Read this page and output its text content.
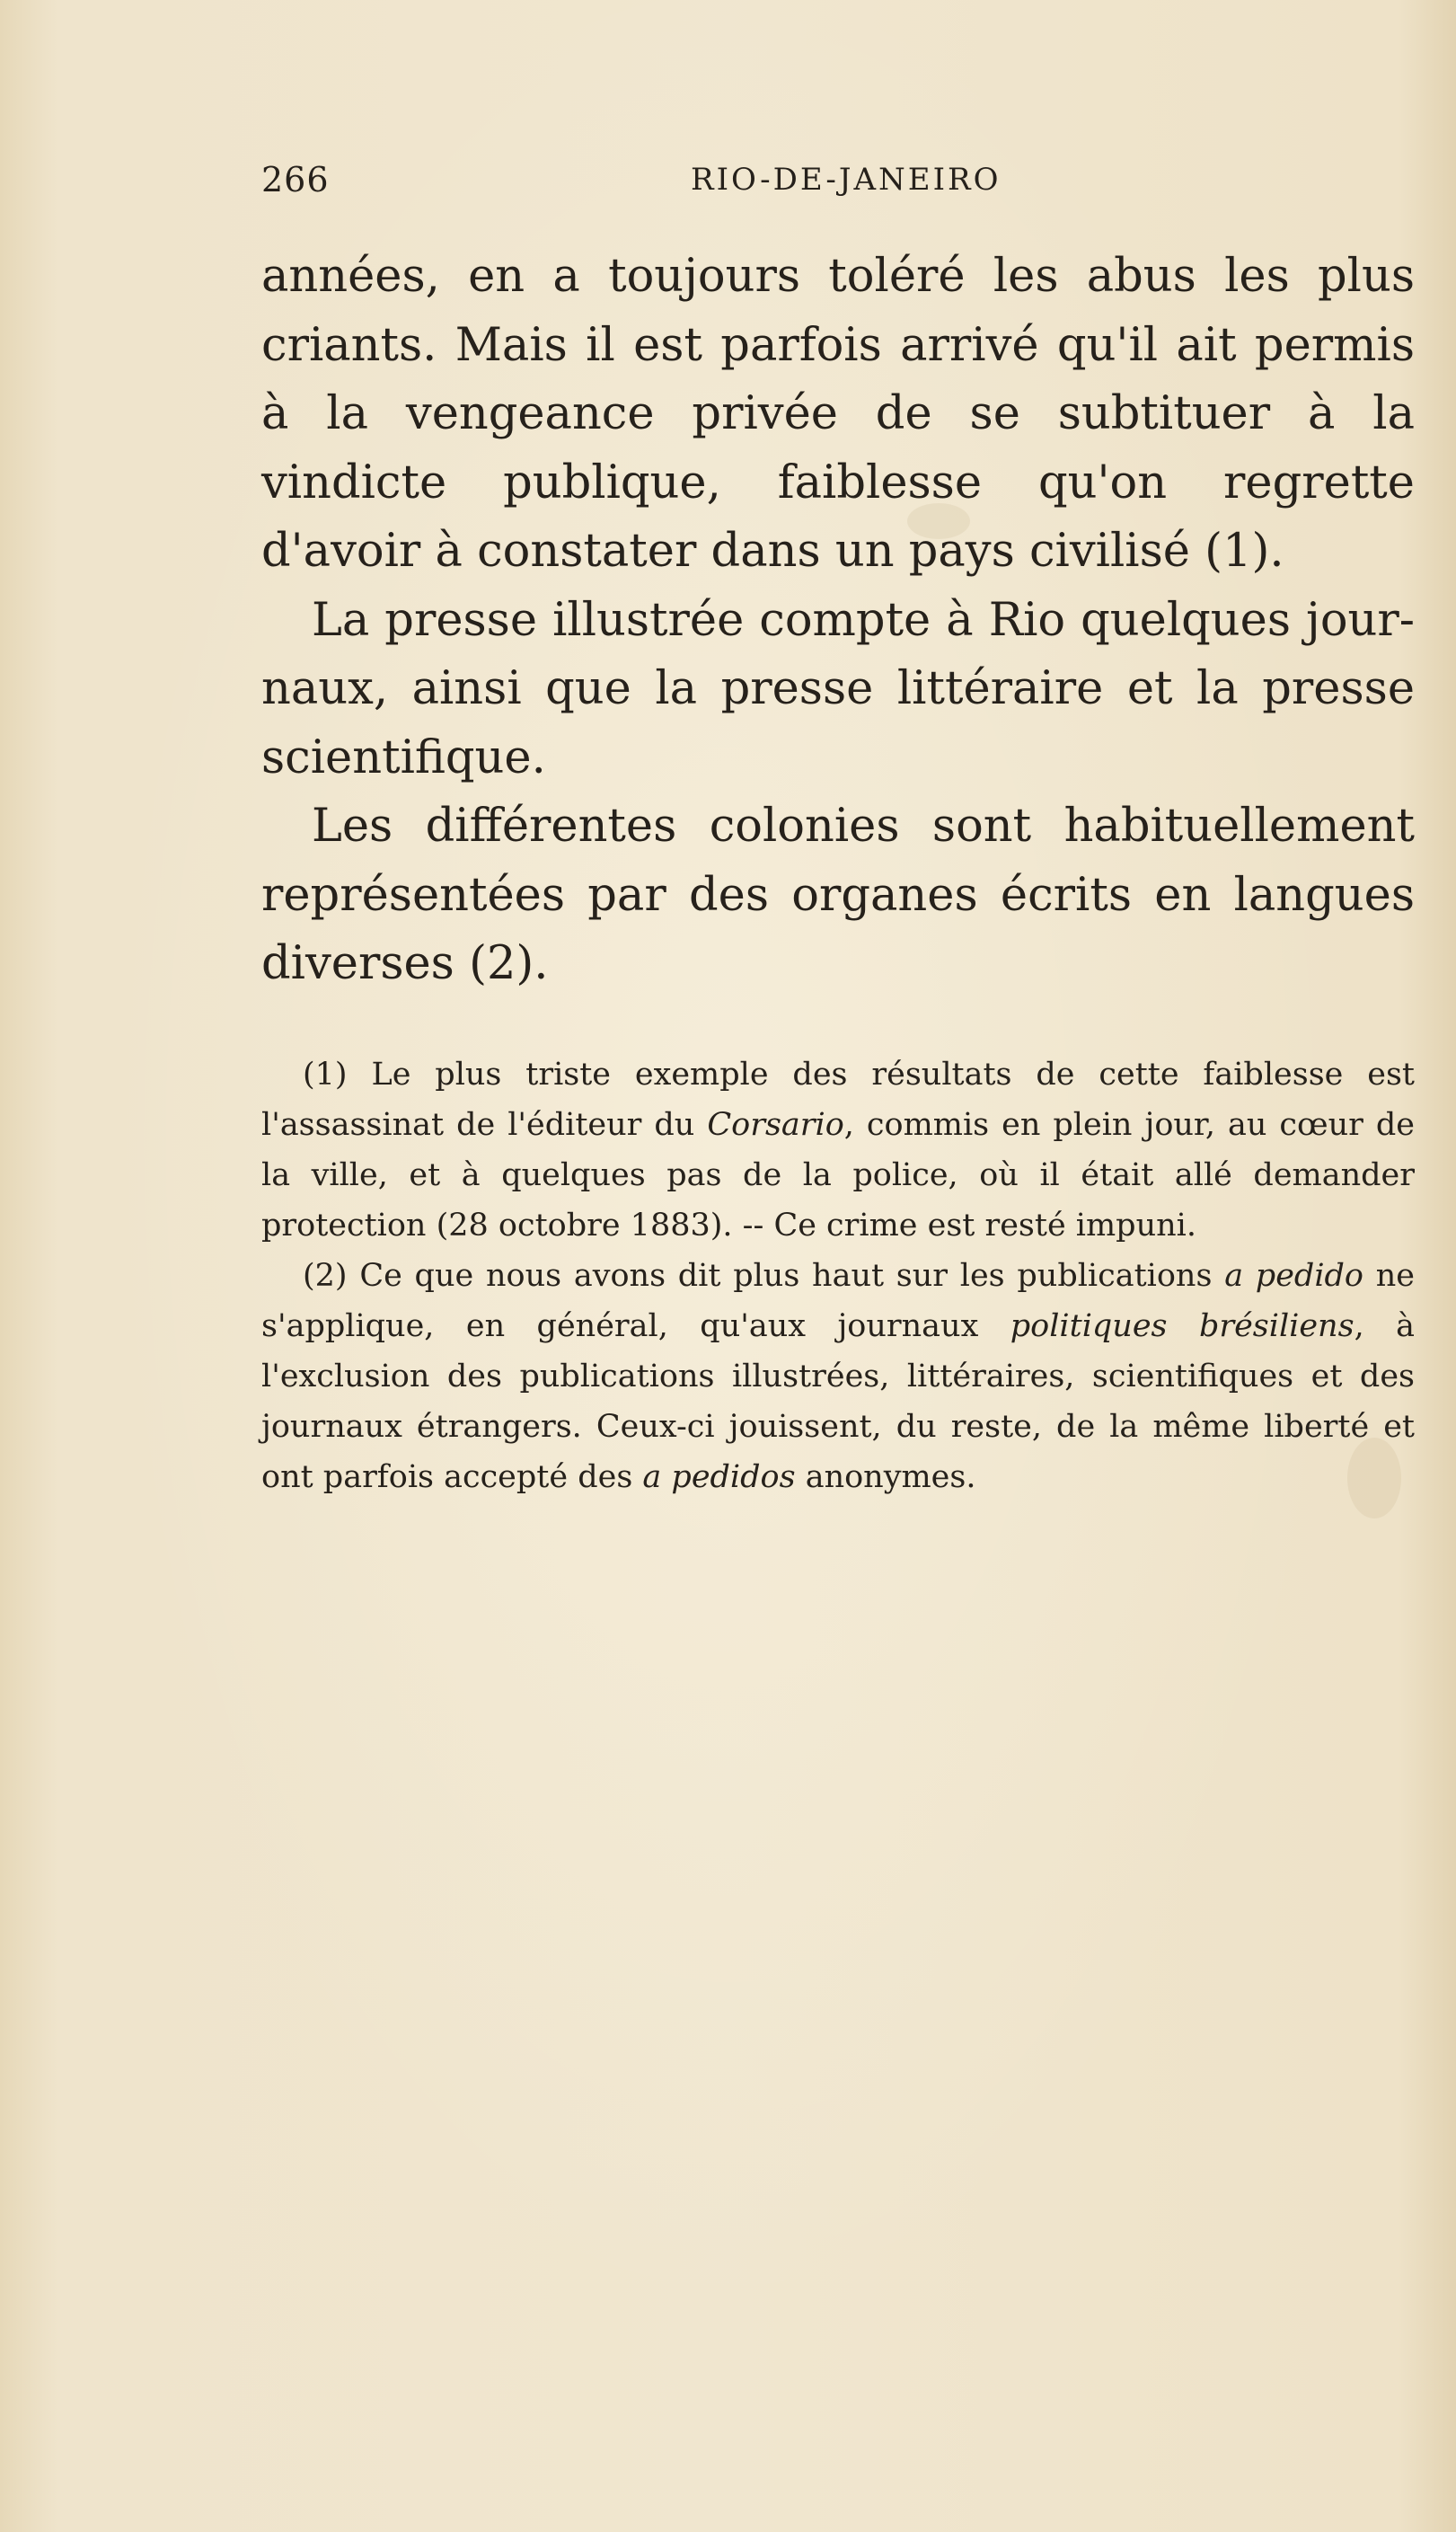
266	RIO-DE-JANEIRO

années, en a toujours toléré les abus les plus criants. Mais il est parfois arrivé qu'il ait permis à la vengeance privée de se subtituer à la vindicte publique, faiblesse qu'on regrette d'avoir à constater dans un pays civilisé (1).

La presse illustrée compte à Rio quelques journaux, ainsi que la presse littéraire et la presse scientifique.

Les différentes colonies sont habituellement représentées par des organes écrits en langues diverses (2).

(1) Le plus triste exemple des résultats de cette faiblesse est l'assassinat de l'éditeur du Corsario, commis en plein jour, au cœur de la ville, et à quelques pas de la police, où il était allé demander protection (28 octobre 1883). -- Ce crime est resté impuni.

(2) Ce que nous avons dit plus haut sur les publications a pedido ne s'applique, en général, qu'aux journaux politiques brésiliens, à l'exclusion des publications illustrées, littéraires, scientifiques et des journaux étrangers. Ceux-ci jouissent, du reste, de la même liberté et ont parfois accepté des a pedidos anonymes.
